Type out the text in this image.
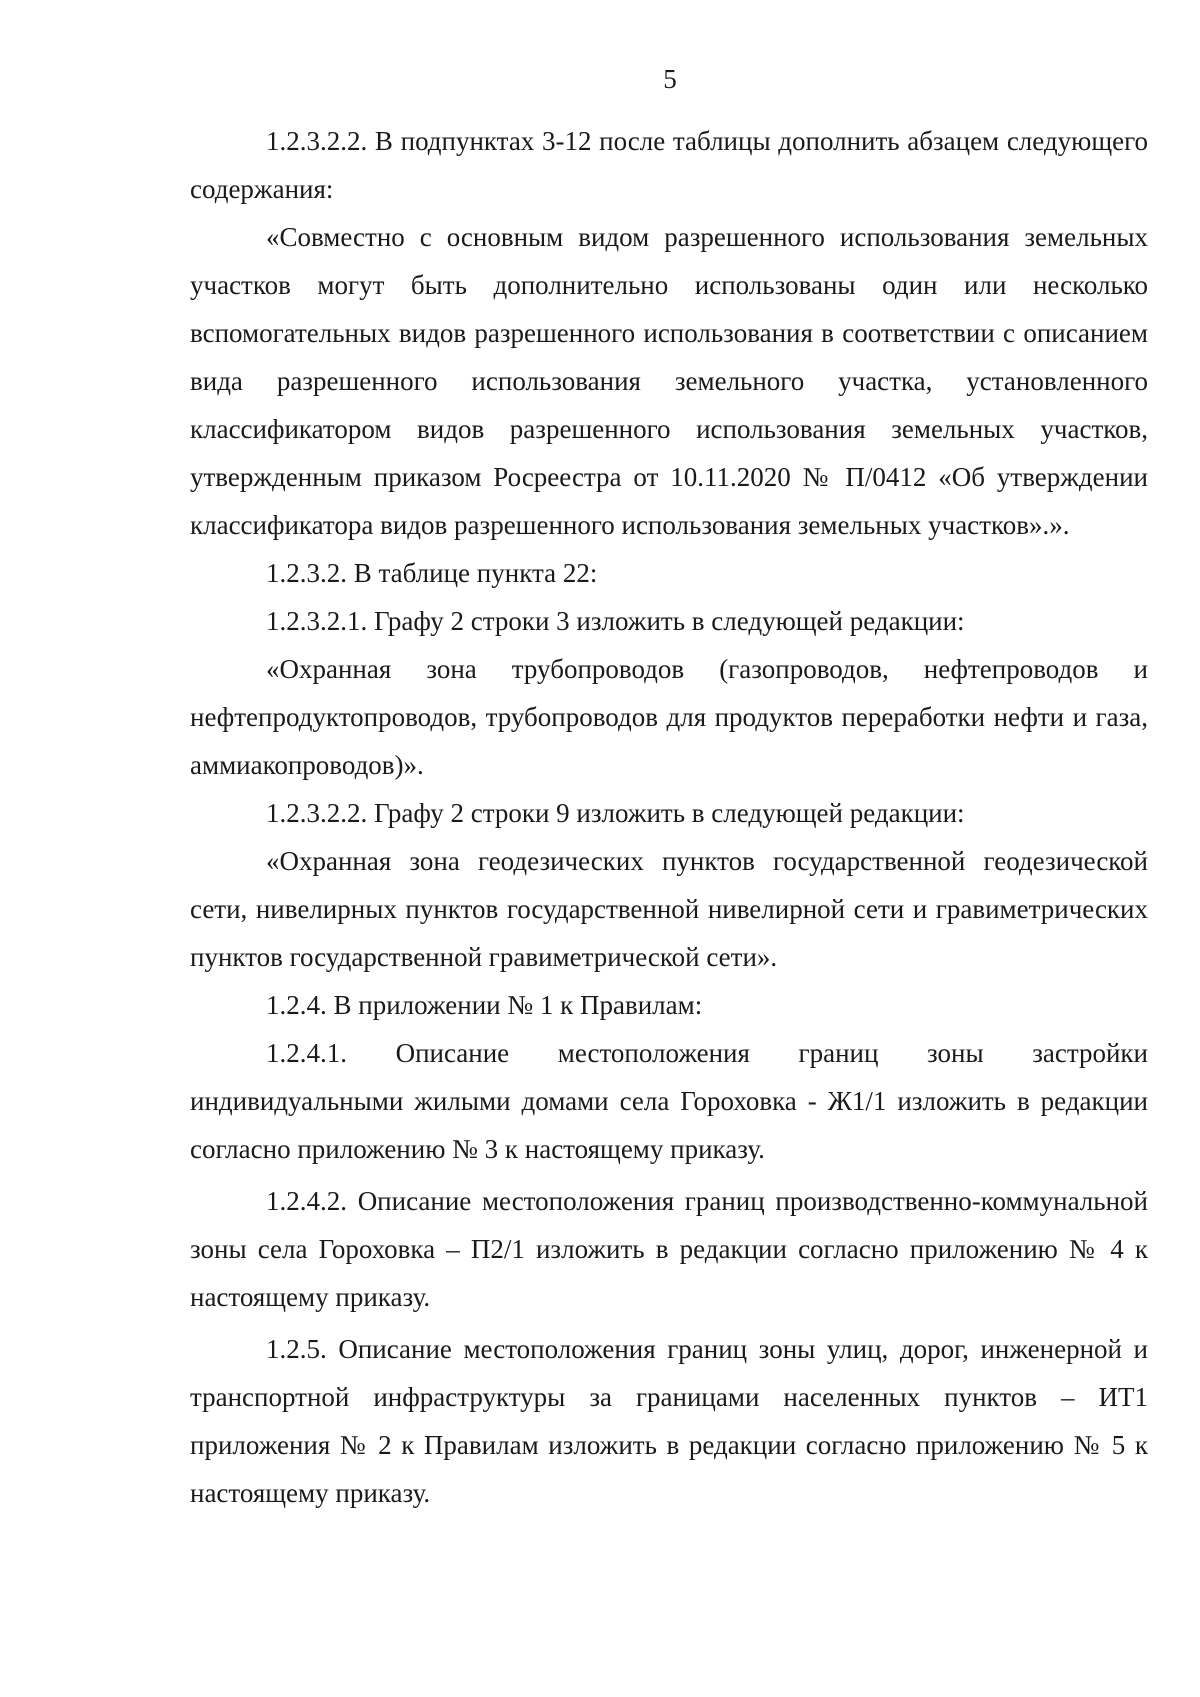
5

1.2.3.2.2. В подпунктах 3-12 после таблицы дополнить абзацем следующего содержания:

«Совместно с основным видом разрешенного использования земельных участков могут быть дополнительно использованы один или несколько вспомогательных видов разрешенного использования в соответствии с описанием вида разрешенного использования земельного участка, установленного классификатором видов разрешенного использования земельных участков, утвержденным приказом Росреестра от 10.11.2020 № П/0412 «Об утверждении классификатора видов разрешенного использования земельных участков».».

1.2.3.2. В таблице пункта 22:

1.2.3.2.1. Графу 2 строки 3 изложить в следующей редакции:

«Охранная зона трубопроводов (газопроводов, нефтепроводов и нефтепродуктопроводов, трубопроводов для продуктов переработки нефти и газа, аммиакопроводов)».

1.2.3.2.2. Графу 2 строки 9 изложить в следующей редакции:

«Охранная зона геодезических пунктов государственной геодезической сети, нивелирных пунктов государственной нивелирной сети и гравиметрических пунктов государственной гравиметрической сети».

1.2.4. В приложении № 1 к Правилам:

1.2.4.1. Описание местоположения границ зоны застройки индивидуальными жилыми домами села Гороховка - Ж1/1 изложить в редакции согласно приложению № 3 к настоящему приказу.

1.2.4.2. Описание местоположения границ производственно-коммунальной зоны села Гороховка – П2/1 изложить в редакции согласно приложению № 4 к настоящему приказу.

1.2.5. Описание местоположения границ зоны улиц, дорог, инженерной и транспортной инфраструктуры за границами населенных пунктов – ИТ1 приложения № 2 к Правилам изложить в редакции согласно приложению № 5 к настоящему приказу.
